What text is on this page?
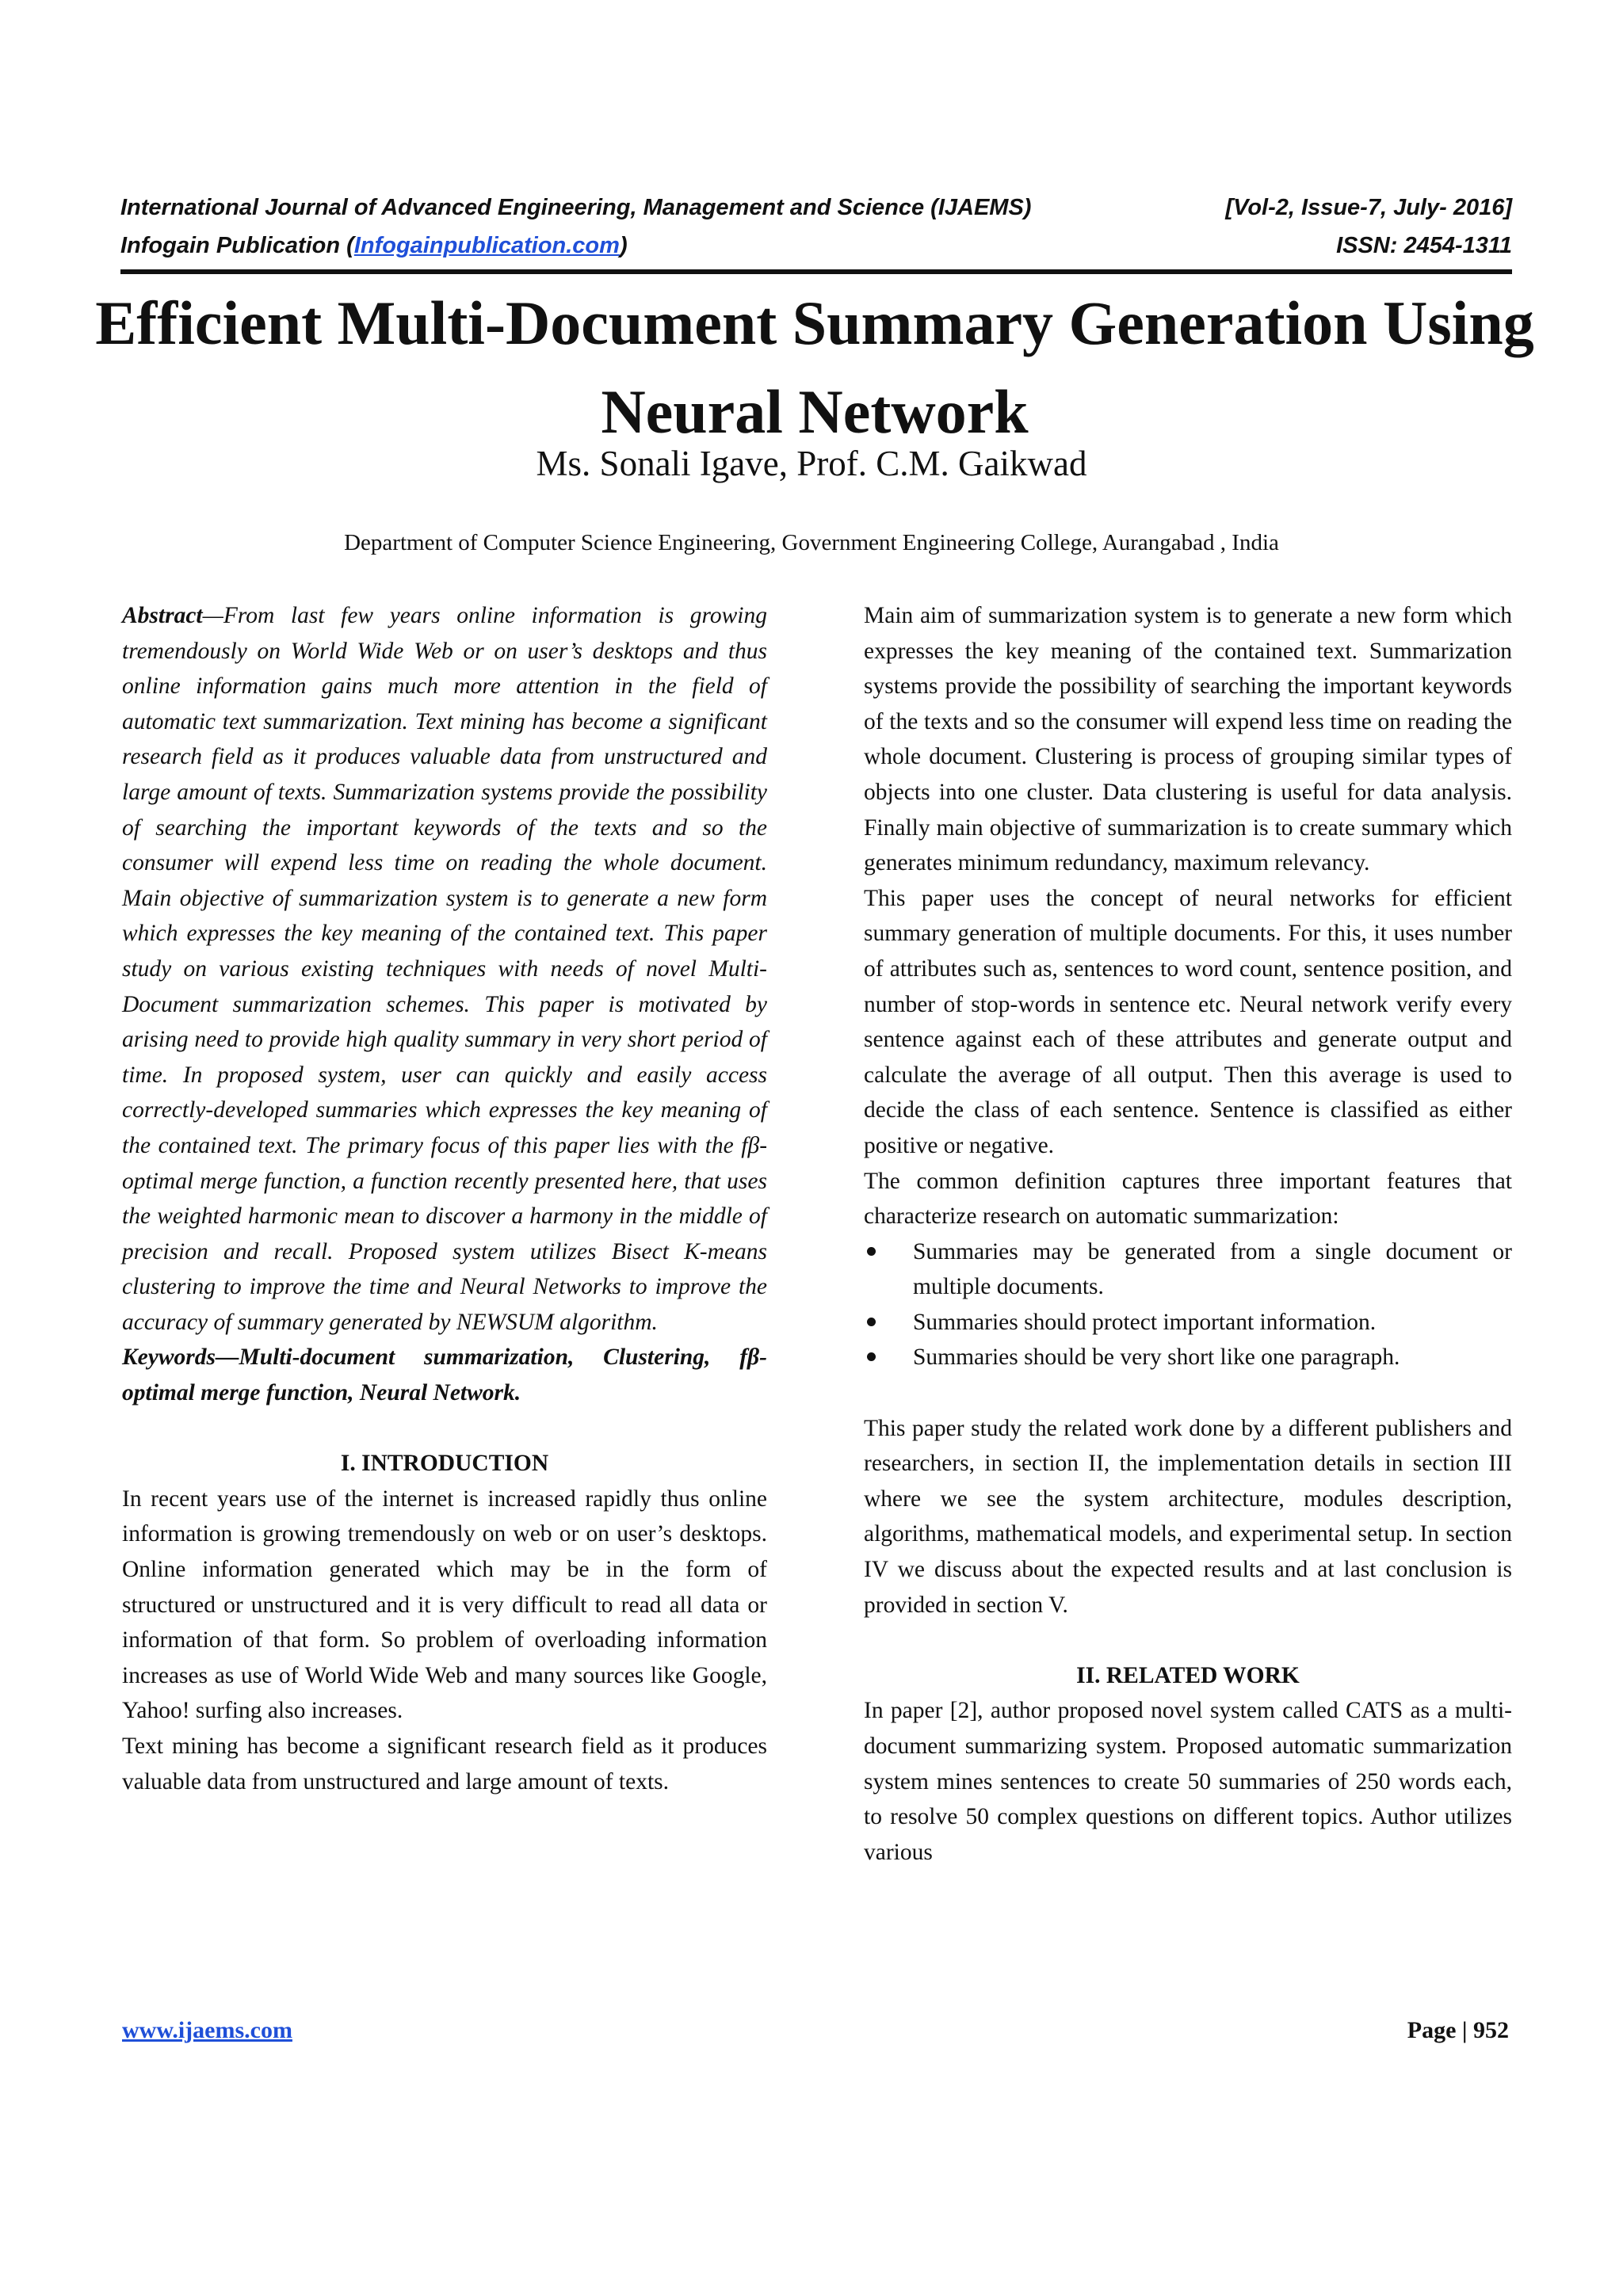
International Journal of Advanced Engineering, Management and Science (IJAEMS)	[Vol-2, Issue-7, July- 2016]
Infogain Publication (Infogainpublication.com)	ISSN: 2454-1311
Efficient Multi-Document Summary Generation Using Neural Network
Ms. Sonali Igave, Prof. C.M. Gaikwad
Department of Computer Science Engineering, Government Engineering College, Aurangabad , India

Abstract—From last few years online information is growing tremendously on World Wide Web or on user’s desktops and thus online information gains much more attention in the field of automatic text summarization. Text mining has become a significant research field as it produces valuable data from unstructured and large amount of texts. Summarization systems provide the possibility of searching the important keywords of the texts and so the consumer will expend less time on reading the whole document. Main objective of summarization system is to generate a new form which expresses the key meaning of the contained text. This paper study on various existing techniques with needs of novel Multi-Document summarization schemes. This paper is motivated by arising need to provide high quality summary in very short period of time. In proposed system, user can quickly and easily access correctly-developed summaries which expresses the key meaning of the contained text. The primary focus of this paper lies with the fβ-optimal merge function, a function recently presented here, that uses the weighted harmonic mean to discover a harmony in the middle of precision and recall. Proposed system utilizes Bisect K-means clustering to improve the time and Neural Networks to improve the accuracy of summary generated by NEWSUM algorithm.

Keywords—Multi-document summarization, Clustering, fβ-optimal merge function, Neural Network.

I. INTRODUCTION

In recent years use of the internet is increased rapidly thus online information is growing tremendously on web or on user’s desktops. Online information generated which may be in the form of structured or unstructured and it is very difficult to read all data or information of that form. So problem of overloading information increases as use of World Wide Web and many sources like Google, Yahoo! surfing also increases.

Text mining has become a significant research field as it produces valuable data from unstructured and large amount of texts.

Main aim of summarization system is to generate a new form which expresses the key meaning of the contained text. Summarization systems provide the possibility of searching the important keywords of the texts and so the consumer will expend less time on reading the whole document. Clustering is process of grouping similar types of objects into one cluster. Data clustering is useful for data analysis. Finally main objective of summarization is to create summary which generates minimum redundancy, maximum relevancy.

This paper uses the concept of neural networks for efficient summary generation of multiple documents. For this, it uses number of attributes such as, sentences to word count, sentence position, and number of stop-words in sentence etc. Neural network verify every sentence against each of these attributes and generate output and calculate the average of all output. Then this average is used to decide the class of each sentence. Sentence is classified as either positive or negative.

The common definition captures three important features that characterize research on automatic summarization:

Summaries may be generated from a single document or multiple documents.
Summaries should protect important information.
Summaries should be very short like one paragraph.

This paper study the related work done by a different publishers and researchers, in section II, the implementation details in section III where we see the system architecture, modules description, algorithms, mathematical models, and experimental setup. In section IV we discuss about the expected results and at last conclusion is provided in section V.

II. RELATED WORK

In paper [2], author proposed novel system called CATS as a multi-document summarizing system. Proposed automatic summarization system mines sentences to create 50 summaries of 250 words each, to resolve 50 complex questions on different topics. Author utilizes various

www.ijaems.com	Page | 952
